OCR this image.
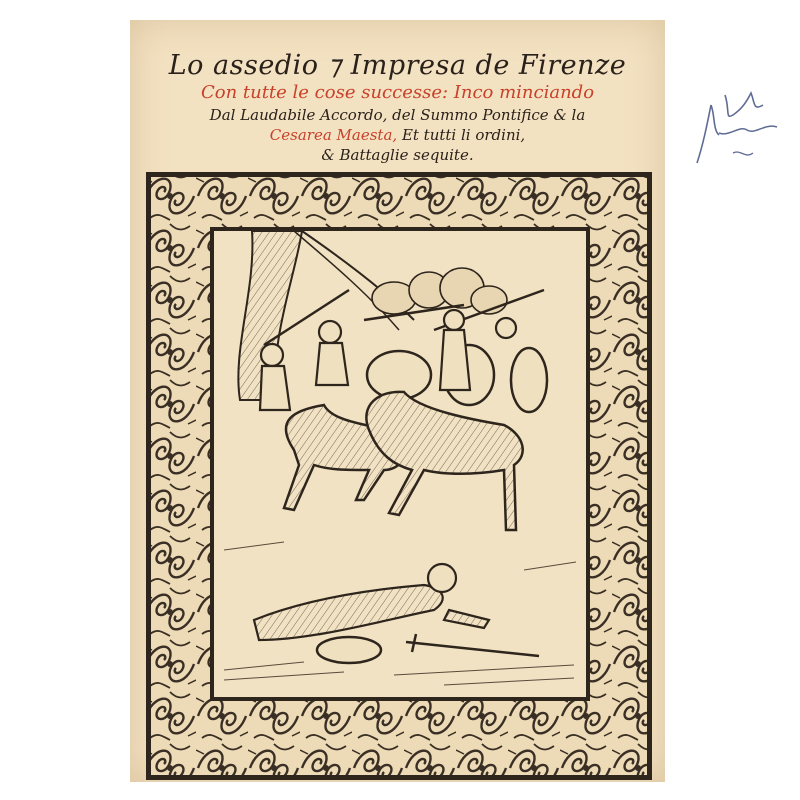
Lo assedio ⁊ Impresa de Firenze
Con tutte le cose successe: Inco minciando
Dal Laudabile Accordo, del Summo Pontifice & la
Cesarea Maesta, Et tutti li ordini,
& Battaglie sequite.
